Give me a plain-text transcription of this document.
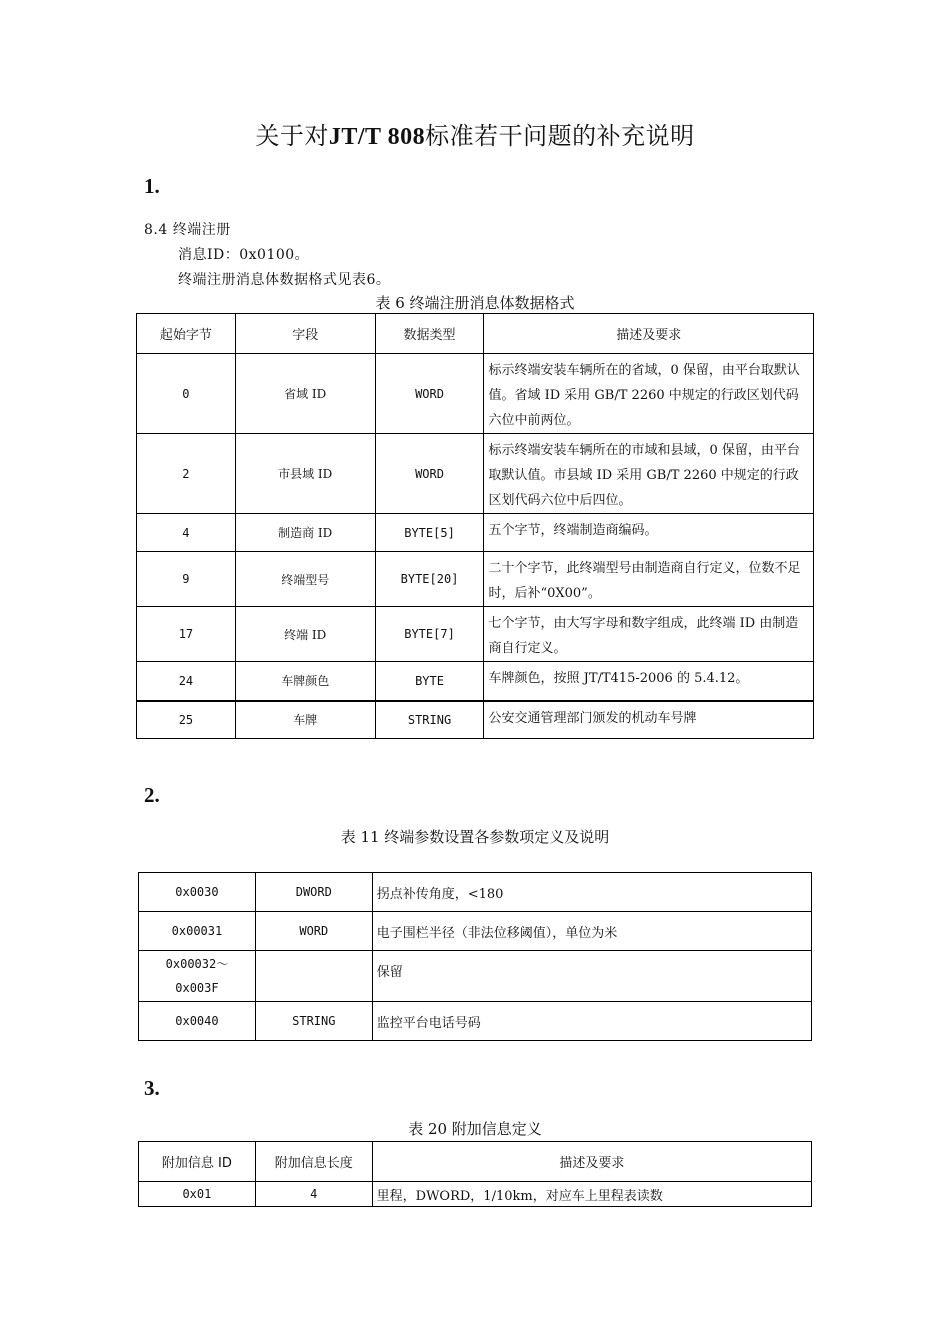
关于对JT/T 808标准若干问题的补充说明
1.
8.4 终端注册
消息ID：0x0100。
终端注册消息体数据格式见表6。
表 6 终端注册消息体数据格式
起始字节	字段	数据类型	描述及要求
0	省域 ID	WORD	标示终端安装车辆所在的省域，0 保留，由平台取默认值。省域 ID 采用 GB/T 2260 中规定的行政区划代码六位中前两位。
2	市县域 ID	WORD	标示终端安装车辆所在的市域和县域，0 保留，由平台取默认值。市县域 ID 采用 GB/T 2260 中规定的行政区划代码六位中后四位。
4	制造商 ID	BYTE[5]	五个字节，终端制造商编码。
9	终端型号	BYTE[20]	二十个字节，此终端型号由制造商自行定义，位数不足时，后补“0X00”。
17	终端 ID	BYTE[7]	七个字节，由大写字母和数字组成，此终端 ID 由制造商自行定义。
24	车牌颜色	BYTE	车牌颜色，按照 JT/T415-2006 的 5.4.12。
25	车牌	STRING	公安交通管理部门颁发的机动车号牌
2.
表 11 终端参数设置各参数项定义及说明
0x0030	DWORD	拐点补传角度，<180
0x00031	WORD	电子围栏半径（非法位移阈值），单位为米

0x00032～
0x003F		保留
0x0040	STRING	监控平台电话号码
3.
表 20 附加信息定义
附加信息 ID	附加信息长度	描述及要求
0x01	4	里程，DWORD，1/10km，对应车上里程表读数
